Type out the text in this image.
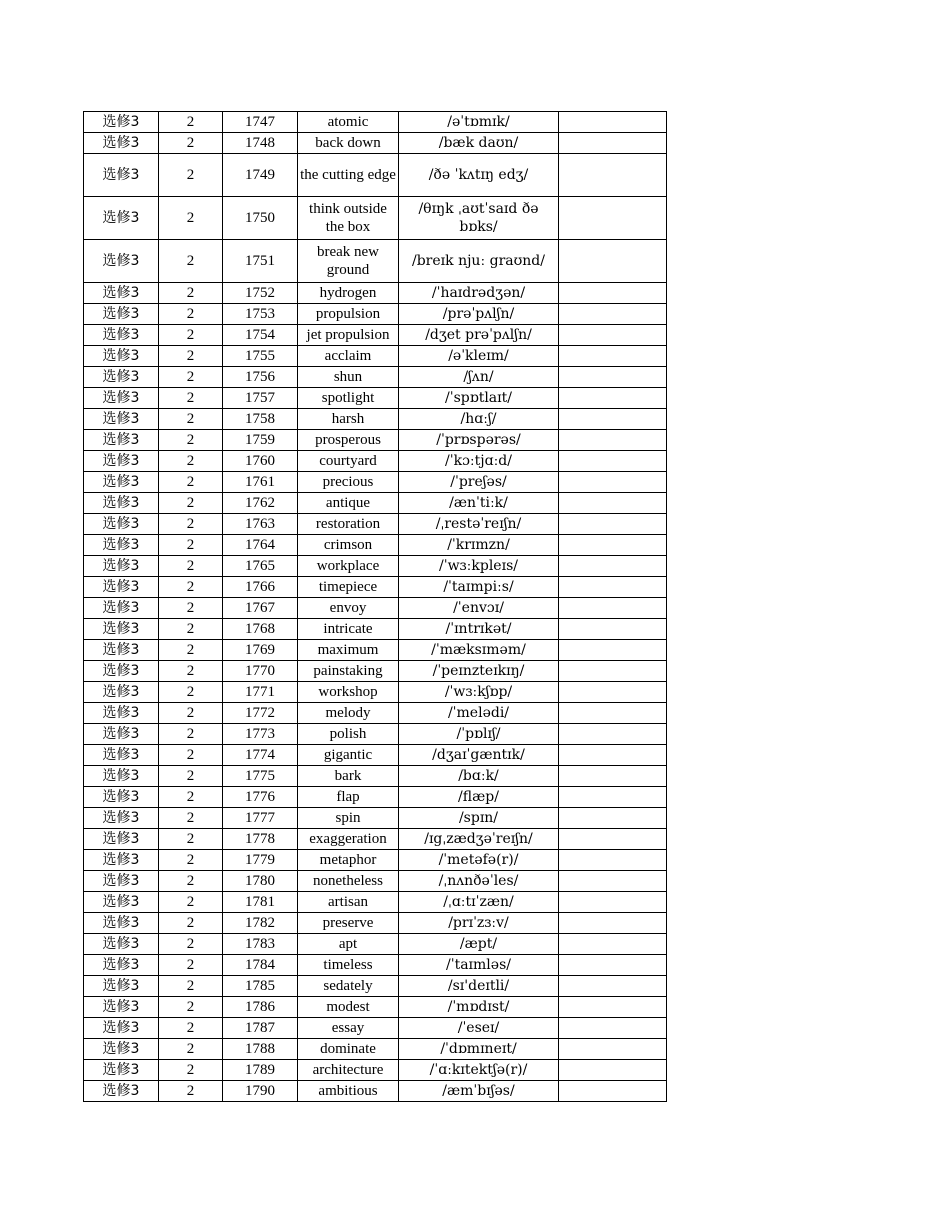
选修3	2	1747	atomic	/əˈtɒmɪk/	
选修3	2	1748	back down	/bæk daʊn/	
选修3	2	1749	the cutting edge	/ðə ˈkʌtɪŋ edʒ/	
选修3	2	1750	think outside the box	/θɪŋk ˌaʊtˈsaɪd ðə bɒks/	
选修3	2	1751	break new ground	/breɪk njuː graʊnd/	
选修3	2	1752	hydrogen	/ˈhaɪdrədʒən/	
选修3	2	1753	propulsion	/prəˈpʌlʃn/	
选修3	2	1754	jet propulsion	/dʒet prəˈpʌlʃn/	
选修3	2	1755	acclaim	/əˈkleɪm/	
选修3	2	1756	shun	/ʃʌn/	
选修3	2	1757	spotlight	/ˈspɒtlaɪt/	
选修3	2	1758	harsh	/hɑːʃ/	
选修3	2	1759	prosperous	/ˈprɒspərəs/	
选修3	2	1760	courtyard	/ˈkɔːtjɑːd/	
选修3	2	1761	precious	/ˈpreʃəs/	
选修3	2	1762	antique	/ænˈtiːk/	
选修3	2	1763	restoration	/ˌrestəˈreɪʃn/	
选修3	2	1764	crimson	/ˈkrɪmzn/	
选修3	2	1765	workplace	/ˈwɜːkpleɪs/	
选修3	2	1766	timepiece	/ˈtaɪmpiːs/	
选修3	2	1767	envoy	/ˈenvɔɪ/	
选修3	2	1768	intricate	/ˈɪntrɪkət/	
选修3	2	1769	maximum	/ˈmæksɪməm/	
选修3	2	1770	painstaking	/ˈpeɪnzteɪkɪŋ/	
选修3	2	1771	workshop	/ˈwɜːkʃɒp/	
选修3	2	1772	melody	/ˈmelədi/	
选修3	2	1773	polish	/ˈpɒlɪʃ/	
选修3	2	1774	gigantic	/dʒaɪˈgæntɪk/	
选修3	2	1775	bark	/bɑːk/	
选修3	2	1776	flap	/flæp/	
选修3	2	1777	spin	/spɪn/	
选修3	2	1778	exaggeration	/ɪgˌzædʒəˈreɪʃn/	
选修3	2	1779	metaphor	/ˈmetəfə(r)/	
选修3	2	1780	nonetheless	/ˌnʌnðəˈles/	
选修3	2	1781	artisan	/ˌɑːtɪˈzæn/	
选修3	2	1782	preserve	/prɪˈzɜːv/	
选修3	2	1783	apt	/æpt/	
选修3	2	1784	timeless	/ˈtaɪmləs/	
选修3	2	1785	sedately	/sɪ'deɪtli/	
选修3	2	1786	modest	/ˈmɒdɪst/	
选修3	2	1787	essay	/ˈeseɪ/	
选修3	2	1788	dominate	/ˈdɒmɪneɪt/	
选修3	2	1789	architecture	/ˈɑːkɪtektʃə(r)/	
选修3	2	1790	ambitious	/æmˈbɪʃəs/	
